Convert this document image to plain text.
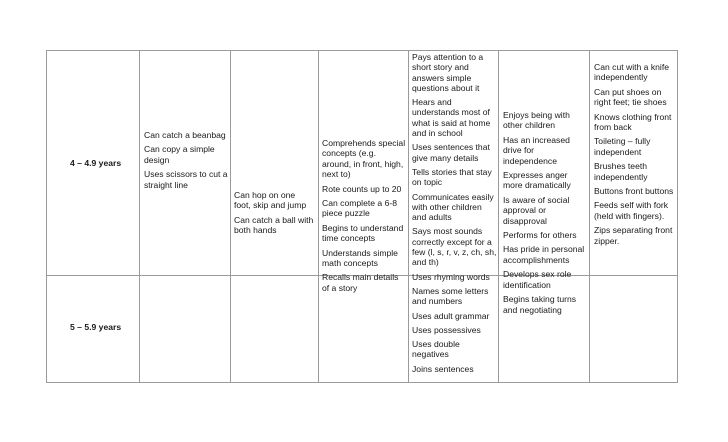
4 – 4.9 years
5 – 5.9 years
Can catch a beanbag
Can copy a simple design
Uses scissors to cut a straight line
Can hop on one foot, skip and jump
Can catch a ball with both hands
Comprehends special concepts (e.g. around, in front, high, next to)
Rote counts up to 20
Can complete a 6-8 piece puzzle
Begins to understand time concepts
Understands simple math concepts
Recalls main details of a story
Pays attention to a short story and answers simple questions about it
Hears and understands most of what is said at home and in school
Uses sentences that give many details
Tells stories that stay on topic
Communicates easily with other children and adults
Says most sounds correctly except for a few (l, s, r, v, z, ch, sh, and th)
Uses rhyming words
Names some letters and numbers
Uses adult grammar
Uses possessives
Uses double negatives
Joins sentences
Enjoys being with other children
Has an increased drive for independence
Expresses anger more dramatically
Is aware of social approval or disapproval
Performs for others
Has pride in personal accomplishments
Develops sex role identification
Begins taking turns and negotiating
Can cut with a knife independently
Can put shoes on right feet; tie shoes
Knows clothing front from back
Toileting – fully independent
Brushes teeth independently
Buttons front buttons
Feeds self with fork (held with fingers).
Zips separating front zipper.
